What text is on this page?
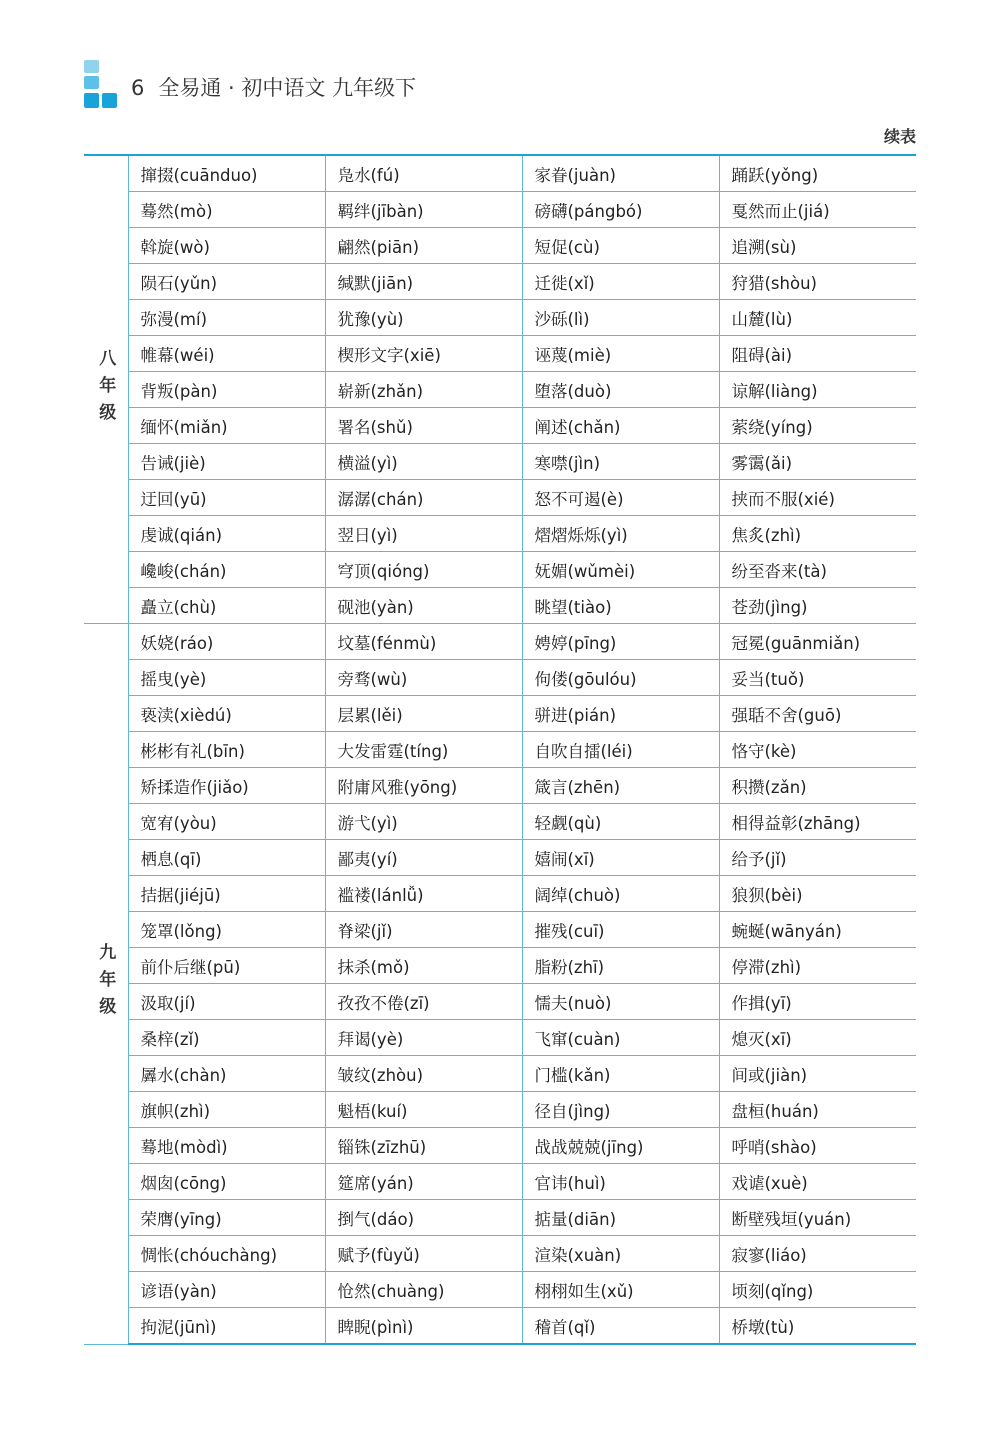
6 全易通 · 初中语文 九年级下
续表
八年级	撺掇(cuānduo)	凫水(fú)	家眷(juàn)	踊跃(yǒng)
	蓦然(mò)	羁绊(jībàn)	磅礴(pángbó)	戛然而止(jiá)
	斡旋(wò)	翩然(piān)	短促(cù)	追溯(sù)
	陨石(yǔn)	缄默(jiān)	迁徙(xǐ)	狩猎(shòu)
	弥漫(mí)	犹豫(yù)	沙砾(lì)	山麓(lù)
	帷幕(wéi)	楔形文字(xiē)	诬蔑(miè)	阻碍(ài)
	背叛(pàn)	崭新(zhǎn)	堕落(duò)	谅解(liàng)
	缅怀(miǎn)	署名(shǔ)	阐述(chǎn)	萦绕(yíng)
	告诫(jiè)	横溢(yì)	寒噤(jìn)	雾霭(ǎi)
	迂回(yū)	潺潺(chán)	怒不可遏(è)	挟而不服(xié)
	虔诚(qián)	翌日(yì)	熠熠烁烁(yì)	焦炙(zhì)
	巉峻(chán)	穹顶(qióng)	妩媚(wǔmèi)	纷至沓来(tà)
	矗立(chù)	砚池(yàn)	眺望(tiào)	苍劲(jìng)
九年级	妖娆(ráo)	坟墓(fénmù)	娉婷(pīng)	冠冕(guānmiǎn)
	摇曳(yè)	旁骛(wù)	佝偻(gōulóu)	妥当(tuǒ)
	亵渎(xièdú)	层累(lěi)	骈进(pián)	强聒不舍(guō)
	彬彬有礼(bīn)	大发雷霆(tíng)	自吹自擂(léi)	恪守(kè)
	矫揉造作(jiǎo)	附庸风雅(yōng)	箴言(zhēn)	积攒(zǎn)
	宽宥(yòu)	游弋(yì)	轻觑(qù)	相得益彰(zhāng)
	栖息(qī)	鄙夷(yí)	嬉闹(xī)	给予(jǐ)
	拮据(jiéjū)	褴褛(lánlǚ)	阔绰(chuò)	狼狈(bèi)
	笼罩(lǒng)	脊梁(jǐ)	摧残(cuī)	蜿蜒(wānyán)
	前仆后继(pū)	抹杀(mǒ)	脂粉(zhī)	停滞(zhì)
	汲取(jí)	孜孜不倦(zī)	懦夫(nuò)	作揖(yī)
	桑梓(zǐ)	拜谒(yè)	飞窜(cuàn)	熄灭(xī)
	羼水(chàn)	皱纹(zhòu)	门槛(kǎn)	间或(jiàn)
	旗帜(zhì)	魁梧(kuí)	径自(jìng)	盘桓(huán)
	蓦地(mòdì)	锱铢(zīzhū)	战战兢兢(jīng)	呼哨(shào)
	烟囱(cōng)	筵席(yán)	官讳(huì)	戏谑(xuè)
	荣膺(yīng)	捯气(dáo)	掂量(diān)	断壁残垣(yuán)
	惆怅(chóuchàng)	赋予(fùyǔ)	渲染(xuàn)	寂寥(liáo)
	谚语(yàn)	怆然(chuàng)	栩栩如生(xǔ)	顷刻(qǐng)
	拘泥(jūnì)	睥睨(pìnì)	稽首(qǐ)	桥墩(tù)
